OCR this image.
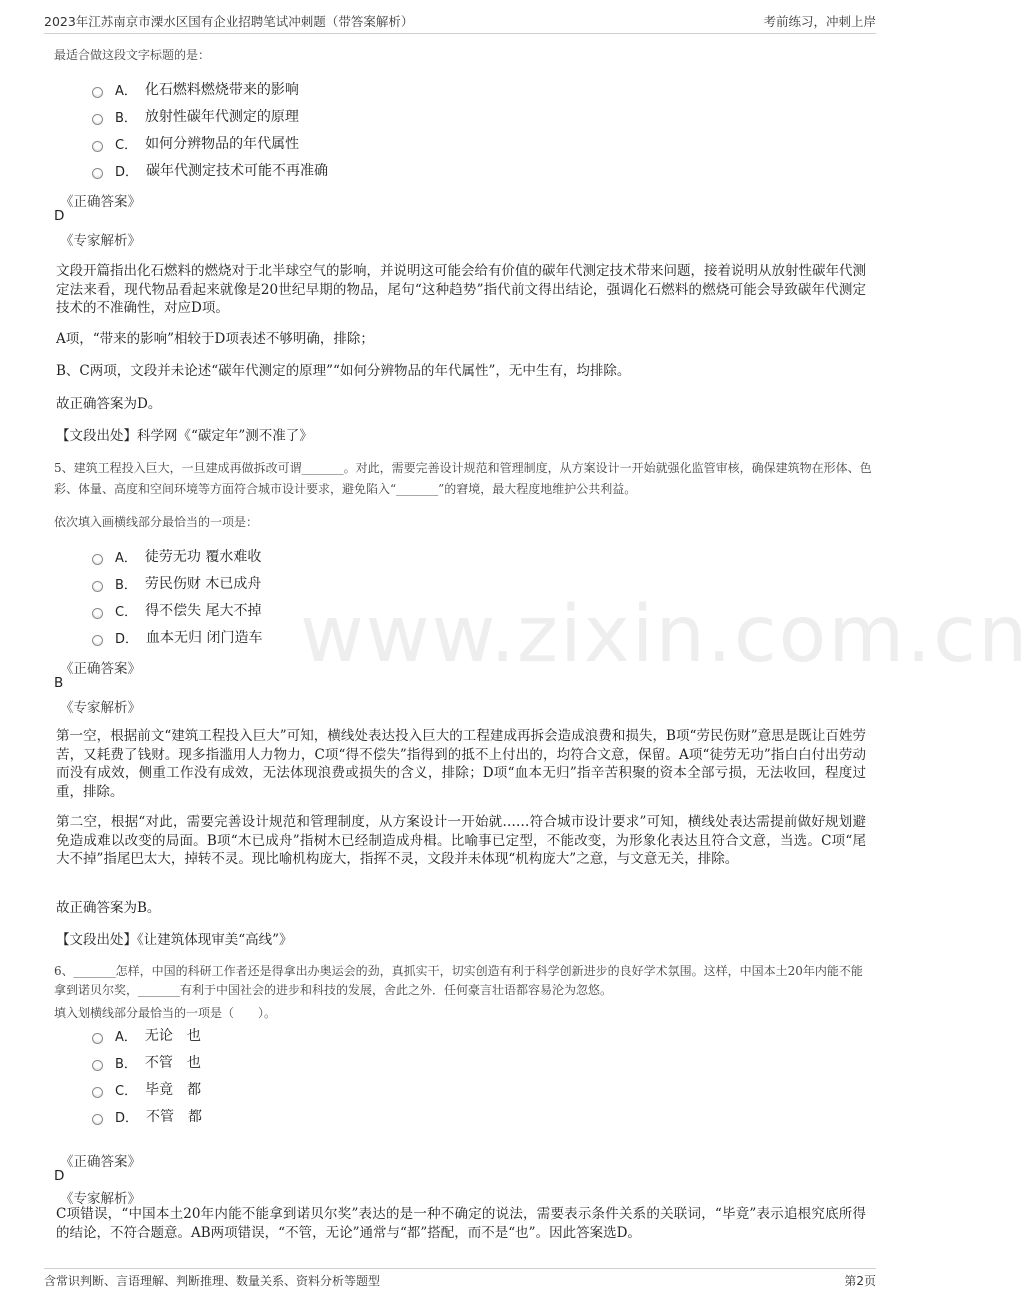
2023年江苏南京市溧水区国有企业招聘笔试冲刺题（带答案解析）	考前练习，冲刺上岸
www.zixin.com.cn
最适合做这段文字标题的是：
A． 化石燃料燃烧带来的影响
B． 放射性碳年代测定的原理
C． 如何分辨物品的年代属性
D． 碳年代测定技术可能不再准确
《正确答案》
D
《专家解析》
文段开篇指出化石燃料的燃烧对于北半球空气的影响，并说明这可能会给有价值的碳年代测定技术带来问题，接着说明从放射性碳年代测定法来看，现代物品看起来就像是20世纪早期的物品，尾句“这种趋势”指代前文得出结论，强调化石燃料的燃烧可能会导致碳年代测定技术的不准确性，对应D项。
A项，“带来的影响”相较于D项表述不够明确，排除；
B、C两项，文段并未论述“碳年代测定的原理”“如何分辨物品的年代属性”，无中生有，均排除。
故正确答案为D。
【文段出处】科学网《“碳定年”测不准了》
5、建筑工程投入巨大，一旦建成再做拆改可谓_______。对此，需要完善设计规范和管理制度，从方案设计一开始就强化监管审核，确保建筑物在形体、色彩、体量、高度和空间环境等方面符合城市设计要求，避免陷入“_______”的窘境，最大程度地维护公共利益。
依次填入画横线部分最恰当的一项是：
A． 徒劳无功 覆水难收
B． 劳民伤财 木已成舟
C． 得不偿失 尾大不掉
D． 血本无归 闭门造车
《正确答案》
B
《专家解析》
第一空，根据前文“建筑工程投入巨大”可知，横线处表达投入巨大的工程建成再拆会造成浪费和损失，B项“劳民伤财”意思是既让百姓劳苦，又耗费了钱财。现多指滥用人力物力，C项“得不偿失”指得到的抵不上付出的，均符合文意，保留。A项“徒劳无功”指白白付出劳动而没有成效，侧重工作没有成效，无法体现浪费或损失的含义，排除；D项“血本无归”指辛苦积聚的资本全部亏损，无法收回，程度过重，排除。
第二空，根据“对此，需要完善设计规范和管理制度，从方案设计一开始就……符合城市设计要求”可知，横线处表达需提前做好规划避免造成难以改变的局面。B项“木已成舟”指树木已经制造成舟楫。比喻事已定型，不能改变，为形象化表达且符合文意，当选。C项“尾大不掉”指尾巴太大，掉转不灵。现比喻机构庞大，指挥不灵，文段并未体现“机构庞大”之意，与文意无关，排除。
故正确答案为B。
【文段出处】《让建筑体现审美“高线”》
6、_______怎样，中国的科研工作者还是得拿出办奥运会的劲，真抓实干，切实创造有利于科学创新进步的良好学术氛围。这样，中国本土20年内能不能拿到诺贝尔奖，_______有利于中国社会的进步和科技的发展，舍此之外．任何豪言壮语都容易沦为忽悠。
填入划横线部分最恰当的一项是（　　）。
A． 无论　也
B． 不管　也
C． 毕竟　都
D． 不管　都
《正确答案》
D
《专家解析》
C项错误，“中国本土20年内能不能拿到诺贝尔奖”表达的是一种不确定的说法，需要表示条件关系的关联词，“毕竟”表示追根究底所得的结论，不符合题意。AB两项错误，“不管，无论”通常与“都”搭配，而不是“也”。因此答案选D。
含常识判断、言语理解、判断推理、数量关系、资料分析等题型	第2页
